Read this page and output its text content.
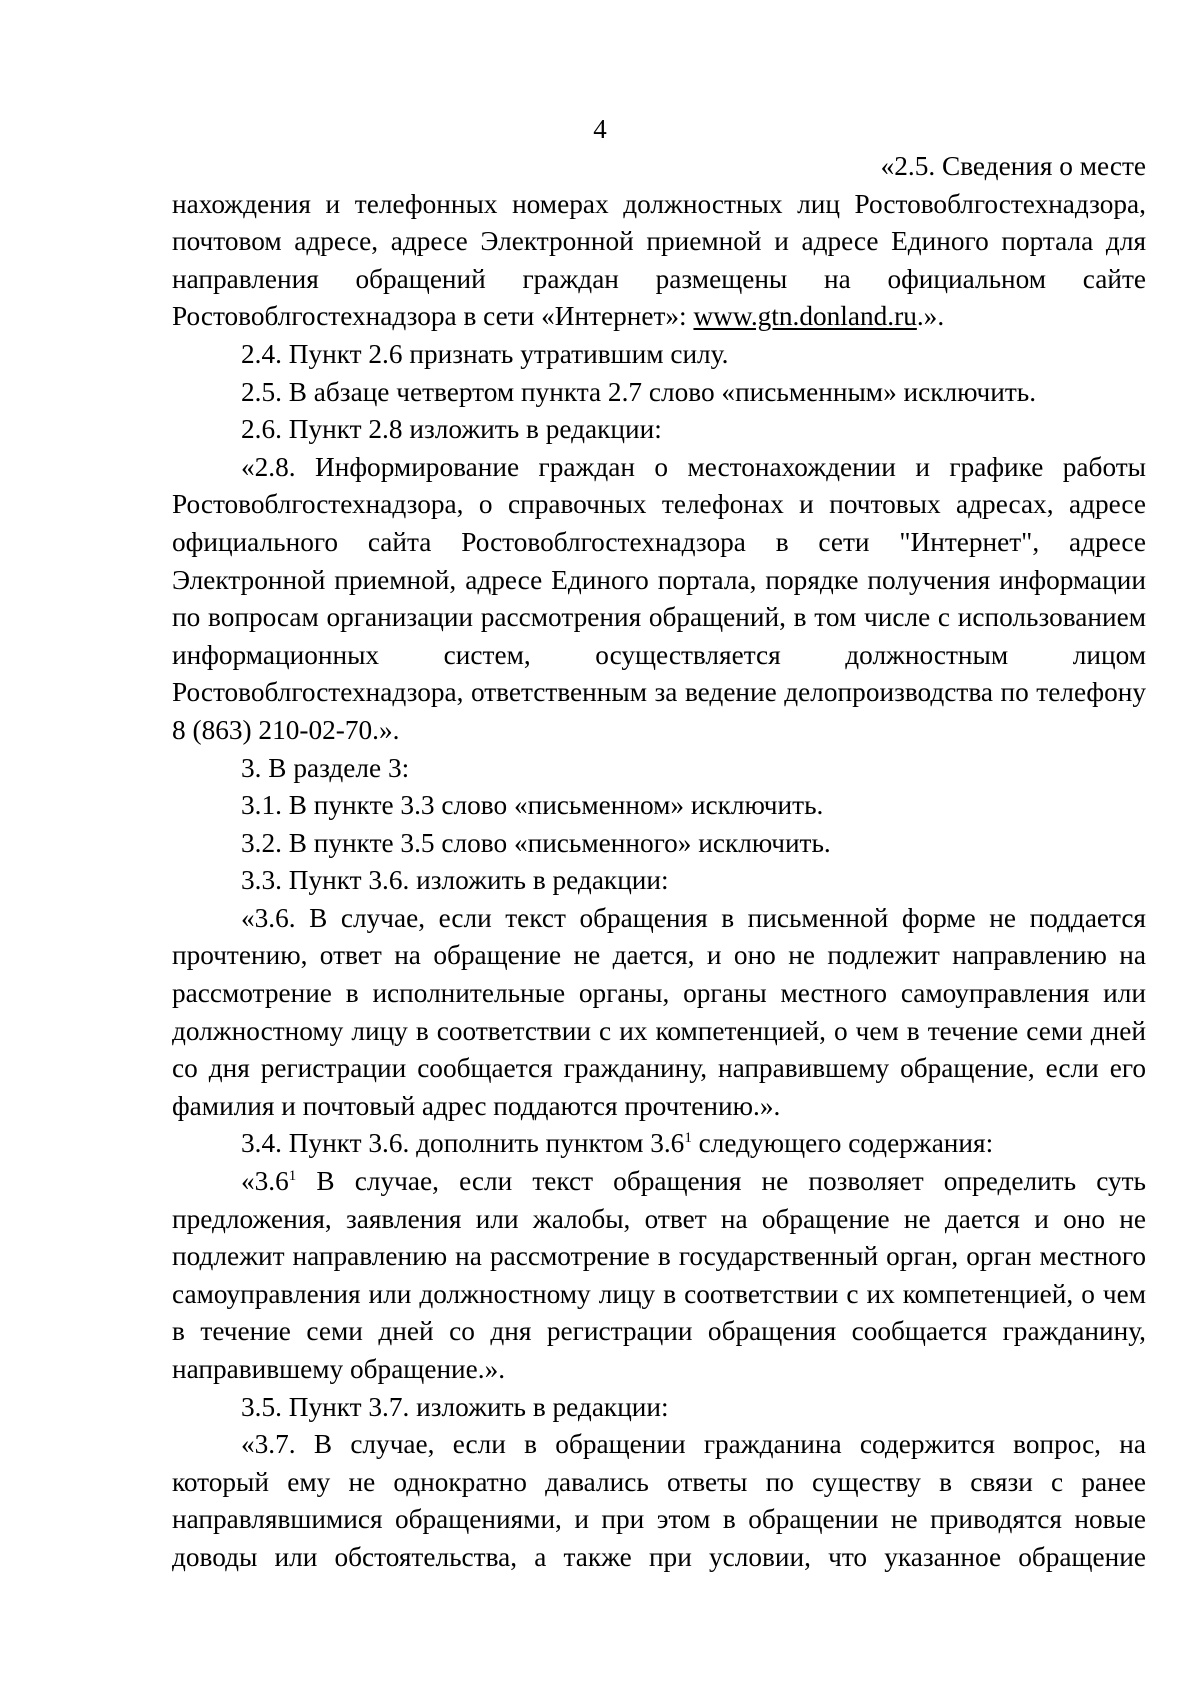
4

«2.5. Сведения о месте

нахождения и телефонных номерах должностных лиц Ростовоблгостехнадзора, почтовом адресе, адресе Электронной приемной и адресе Единого портала для направления обращений граждан размещены на официальном сайте Ростовоблгостехнадзора в сети «Интернет»: www.gtn.donland.ru.».

2.4. Пункт 2.6 признать утратившим силу.

2.5. В абзаце четвертом пункта 2.7 слово «письменным» исключить.

2.6. Пункт 2.8 изложить в редакции:

«2.8. Информирование граждан о местонахождении и графике работы Ростовоблгостехнадзора, о справочных телефонах и почтовых адресах, адресе официального сайта Ростовоблгостехнадзора в сети "Интернет", адресе Электронной приемной, адресе Единого портала, порядке получения информации по вопросам организации рассмотрения обращений, в том числе с использованием информационных систем, осуществляется должностным лицом Ростовоблгостехнадзора, ответственным за ведение делопроизводства по телефону 8 (863) 210-02-70.».

3. В разделе 3:

3.1. В пункте 3.3 слово «письменном» исключить.

3.2. В пункте 3.5 слово «письменного» исключить.

3.3. Пункт 3.6. изложить в редакции:

«3.6. В случае, если текст обращения в письменной форме не поддается прочтению, ответ на обращение не дается, и оно не подлежит направлению на рассмотрение в исполнительные органы, органы местного самоуправления или должностному лицу в соответствии с их компетенцией, о чем в течение семи дней со дня регистрации сообщается гражданину, направившему обращение, если его фамилия и почтовый адрес поддаются прочтению.».

3.4. Пункт 3.6. дополнить пунктом $3.6^1$ следующего содержания:

«$3.6^1$ В случае, если текст обращения не позволяет определить суть предложения, заявления или жалобы, ответ на обращение не дается и оно не подлежит направлению на рассмотрение в государственный орган, орган местного самоуправления или должностному лицу в соответствии с их компетенцией, о чем в течение семи дней со дня регистрации обращения сообщается гражданину, направившему обращение.».

3.5. Пункт 3.7. изложить в редакции:

«3.7. В случае, если в обращении гражданина содержится вопрос, на который ему не однократно давались ответы по существу в связи с ранее направлявшимися обращениями, и при этом в обращении не приводятся новые доводы или обстоятельства, а также при условии, что указанное обращение
